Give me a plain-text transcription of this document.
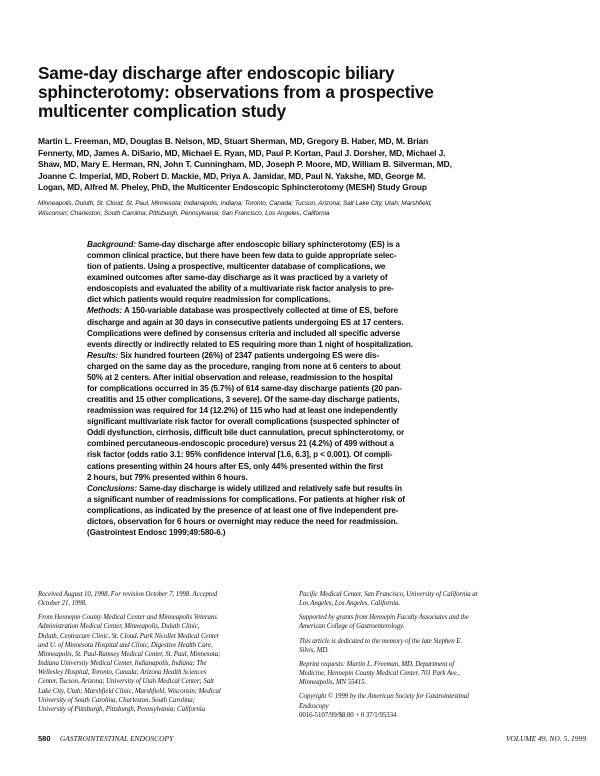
Same-day discharge after endoscopic biliary
sphincterotomy: observations from a prospective
multicenter complication study
Martin L. Freeman, MD, Douglas B. Nelson, MD, Stuart Sherman, MD, Gregory B. Haber, MD, M. Brian
Fennerty, MD, James A. DiSario, MD, Michael E. Ryan, MD, Paul P. Kortan, Paul J. Dorsher, MD, Michael J.
Shaw, MD, Mary E. Herman, RN, John T. Cunningham, MD, Joseph P. Moore, MD, William B. Silverman, MD,
Joanne C. Imperial, MD, Robert D. Mackie, MD, Priya A. Jamidar, MD, Paul N. Yakshe, MD, George M.
Logan, MD, Alfred M. Pheley, PhD, the Multicenter Endoscopic Sphincterotomy (MESH) Study Group
Minneapolis, Duluth, St. Cloud, St. Paul, Minnesota; Indianapolis, Indiana; Toronto, Canada; Tucson, Arizona; Salt Lake City, Utah; Marshfield,
Wisconsin; Charleston, South Carolina; Pittsburgh, Pennsylvania; San Francisco, Los Angeles, California
Background: Same-day discharge after endoscopic biliary sphincterotomy (ES) is a
common clinical practice, but there have been few data to guide appropriate selec-
tion of patients. Using a prospective, multicenter database of complications, we
examined outcomes after same-day discharge as it was practiced by a variety of
endoscopists and evaluated the ability of a multivariate risk factor analysis to pre-
dict which patients would require readmission for complications.
Methods: A 150-variable database was prospectively collected at time of ES, before
discharge and again at 30 days in consecutive patients undergoing ES at 17 centers.
Complications were defined by consensus criteria and included all specific adverse
events directly or indirectly related to ES requiring more than 1 night of hospitalization.
Results: Six hundred fourteen (26%) of 2347 patients undergoing ES were dis-
charged on the same day as the procedure, ranging from none at 6 centers to about
50% at 2 centers. After initial observation and release, readmission to the hospital
for complications occurred in 35 (5.7%) of 614 same-day discharge patients (20 pan-
creatitis and 15 other complications, 3 severe). Of the same-day discharge patients,
readmission was required for 14 (12.2%) of 115 who had at least one independently
significant multivariate risk factor for overall complications (suspected sphincter of
Oddi dysfunction, cirrhosis, difficult bile duct cannulation, precut sphincterotomy, or
combined percutaneous-endoscopic procedure) versus 21 (4.2%) of 499 without a
risk factor (odds ratio 3.1: 95% confidence interval [1.6, 6.3], p < 0.001). Of compli-
cations presenting within 24 hours after ES, only 44% presented within the first
2 hours, but 79% presented within 6 hours.
Conclusions: Same-day discharge is widely utilized and relatively safe but results in
a significant number of readmissions for complications. For patients at higher risk of
complications, as indicated by the presence of at least one of five independent pre-
dictors, observation for 6 hours or overnight may reduce the need for readmission.
(Gastrointest Endosc 1999;49:580-6.)
Received August 10, 1998. For revision October 7, 1998. Accepted
October 21, 1998.
From Hennepin County Medical Center and Minneapolis Veterans
Administration Medical Center, Minneapolis, Duluth Clinic,
Duluth, Centracare Clinic, St. Cloud, Park Nicollet Medical Center
and U. of Minnesota Hospital and Clinic, Digestive Health Care,
Minneapolis, St. Paul-Ramsey Medical Center, St. Paul, Minnesota;
Indiana University Medical Center, Indianapolis, Indiana; The
Wellesley Hospital, Toronto, Canada; Arizona Health Sciences
Center, Tucson, Arizona; University of Utah Medical Center; Salt
Lake City, Utah; Marshfield Clinic, Marshfield, Wisconsin; Medical
University of South Carolina, Charleston, South Carolina;
University of Pittsburgh, Pittsburgh, Pennsylvania; California
Pacific Medical Center, San Francisco, University of California at
Los Angeles, Los Angeles, California.
Supported by grants from Hennepin Faculty Associates and the
American College of Gastroenterology.
This article is dedicated to the memory of the late Stephen E.
Silvis, MD.
Reprint requests: Martin L. Freeman, MD, Department of
Medicine, Hennepin County Medical Center, 701 Park Ave.,
Minneapolis, MN 55415.
Copyright © 1999 by the American Society for Gastrointestinal
Endoscopy
0016-5107/99/$8.00 + 0 37/1/95334
580  GASTROINTESTINAL ENDOSCOPY	VOLUME 49, NO. 5, 1999
